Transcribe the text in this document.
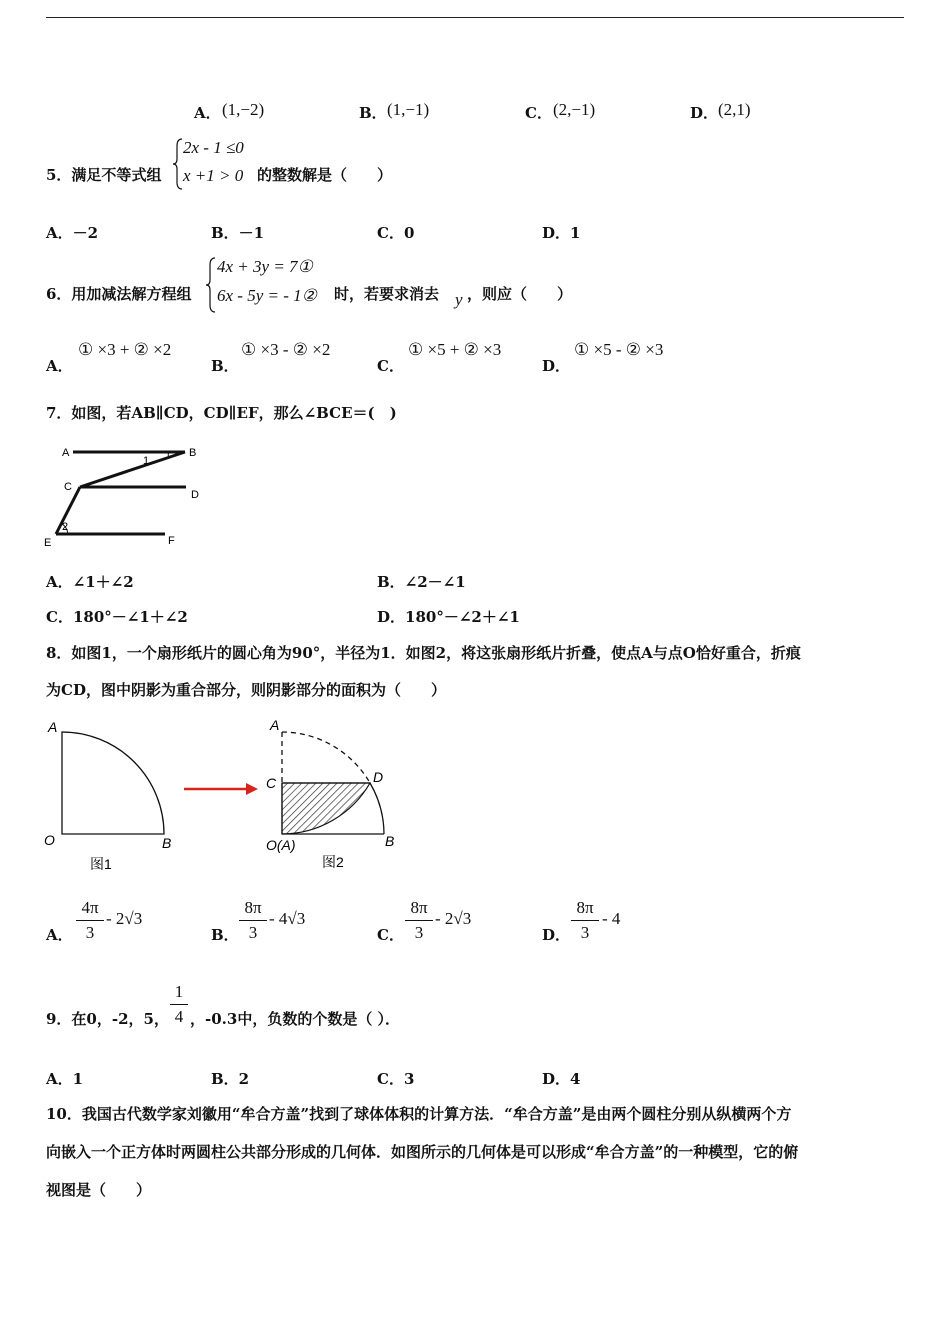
A． (1,−2)	B． (1,−1)	C． (2,−1)	D． (2,1)
5．满足不等式组
2x - 1 ≤0
x +1 > 0 的整数解是（　　）
A．－2	B．－1	C．0	D．1
6．用加减法解方程组
4x + 3y = 7①
6x - 5y = - 1② 时，若要求消去 y ，则应（　　）
A．
① ×3 + ② ×2
B．
① ×3 - ② ×2
C．
① ×5 + ② ×3
D．
① ×5 - ② ×3
7．如图，若AB∥CD，CD∥EF，那么∠BCE＝(　)
A	B
C
D
E	F
1
2
A．∠1＋∠2	B．∠2－∠1
C．180°－∠1＋∠2	D．180°－∠2＋∠1
8．如图1，一个扇形纸片的圆心角为90°，半径为1．如图2，将这张扇形纸片折叠，使点A与点O恰好重合，折痕
为CD，图中阴影为重合部分，则阴影部分的面积为（　　）
A
O	B
图1
A
C	D
O(A)	B
图2
A．
4π
3
- 2√3
B．
8π
3
- 4√3
C．
8π
3
- 2√3
D．
8π
3
- 4
9．在0，-2，5，
1
4 ，-0.3中，负数的个数是（ ）．
A．1	B．2	C．3	D．4
10．我国古代数学家刘徽用“牟合方盖”找到了球体体积的计算方法．“牟合方盖”是由两个圆柱分别从纵横两个方
向嵌入一个正方体时两圆柱公共部分形成的几何体．如图所示的几何体是可以形成“牟合方盖”的一种模型，它的俯
视图是（　　）
